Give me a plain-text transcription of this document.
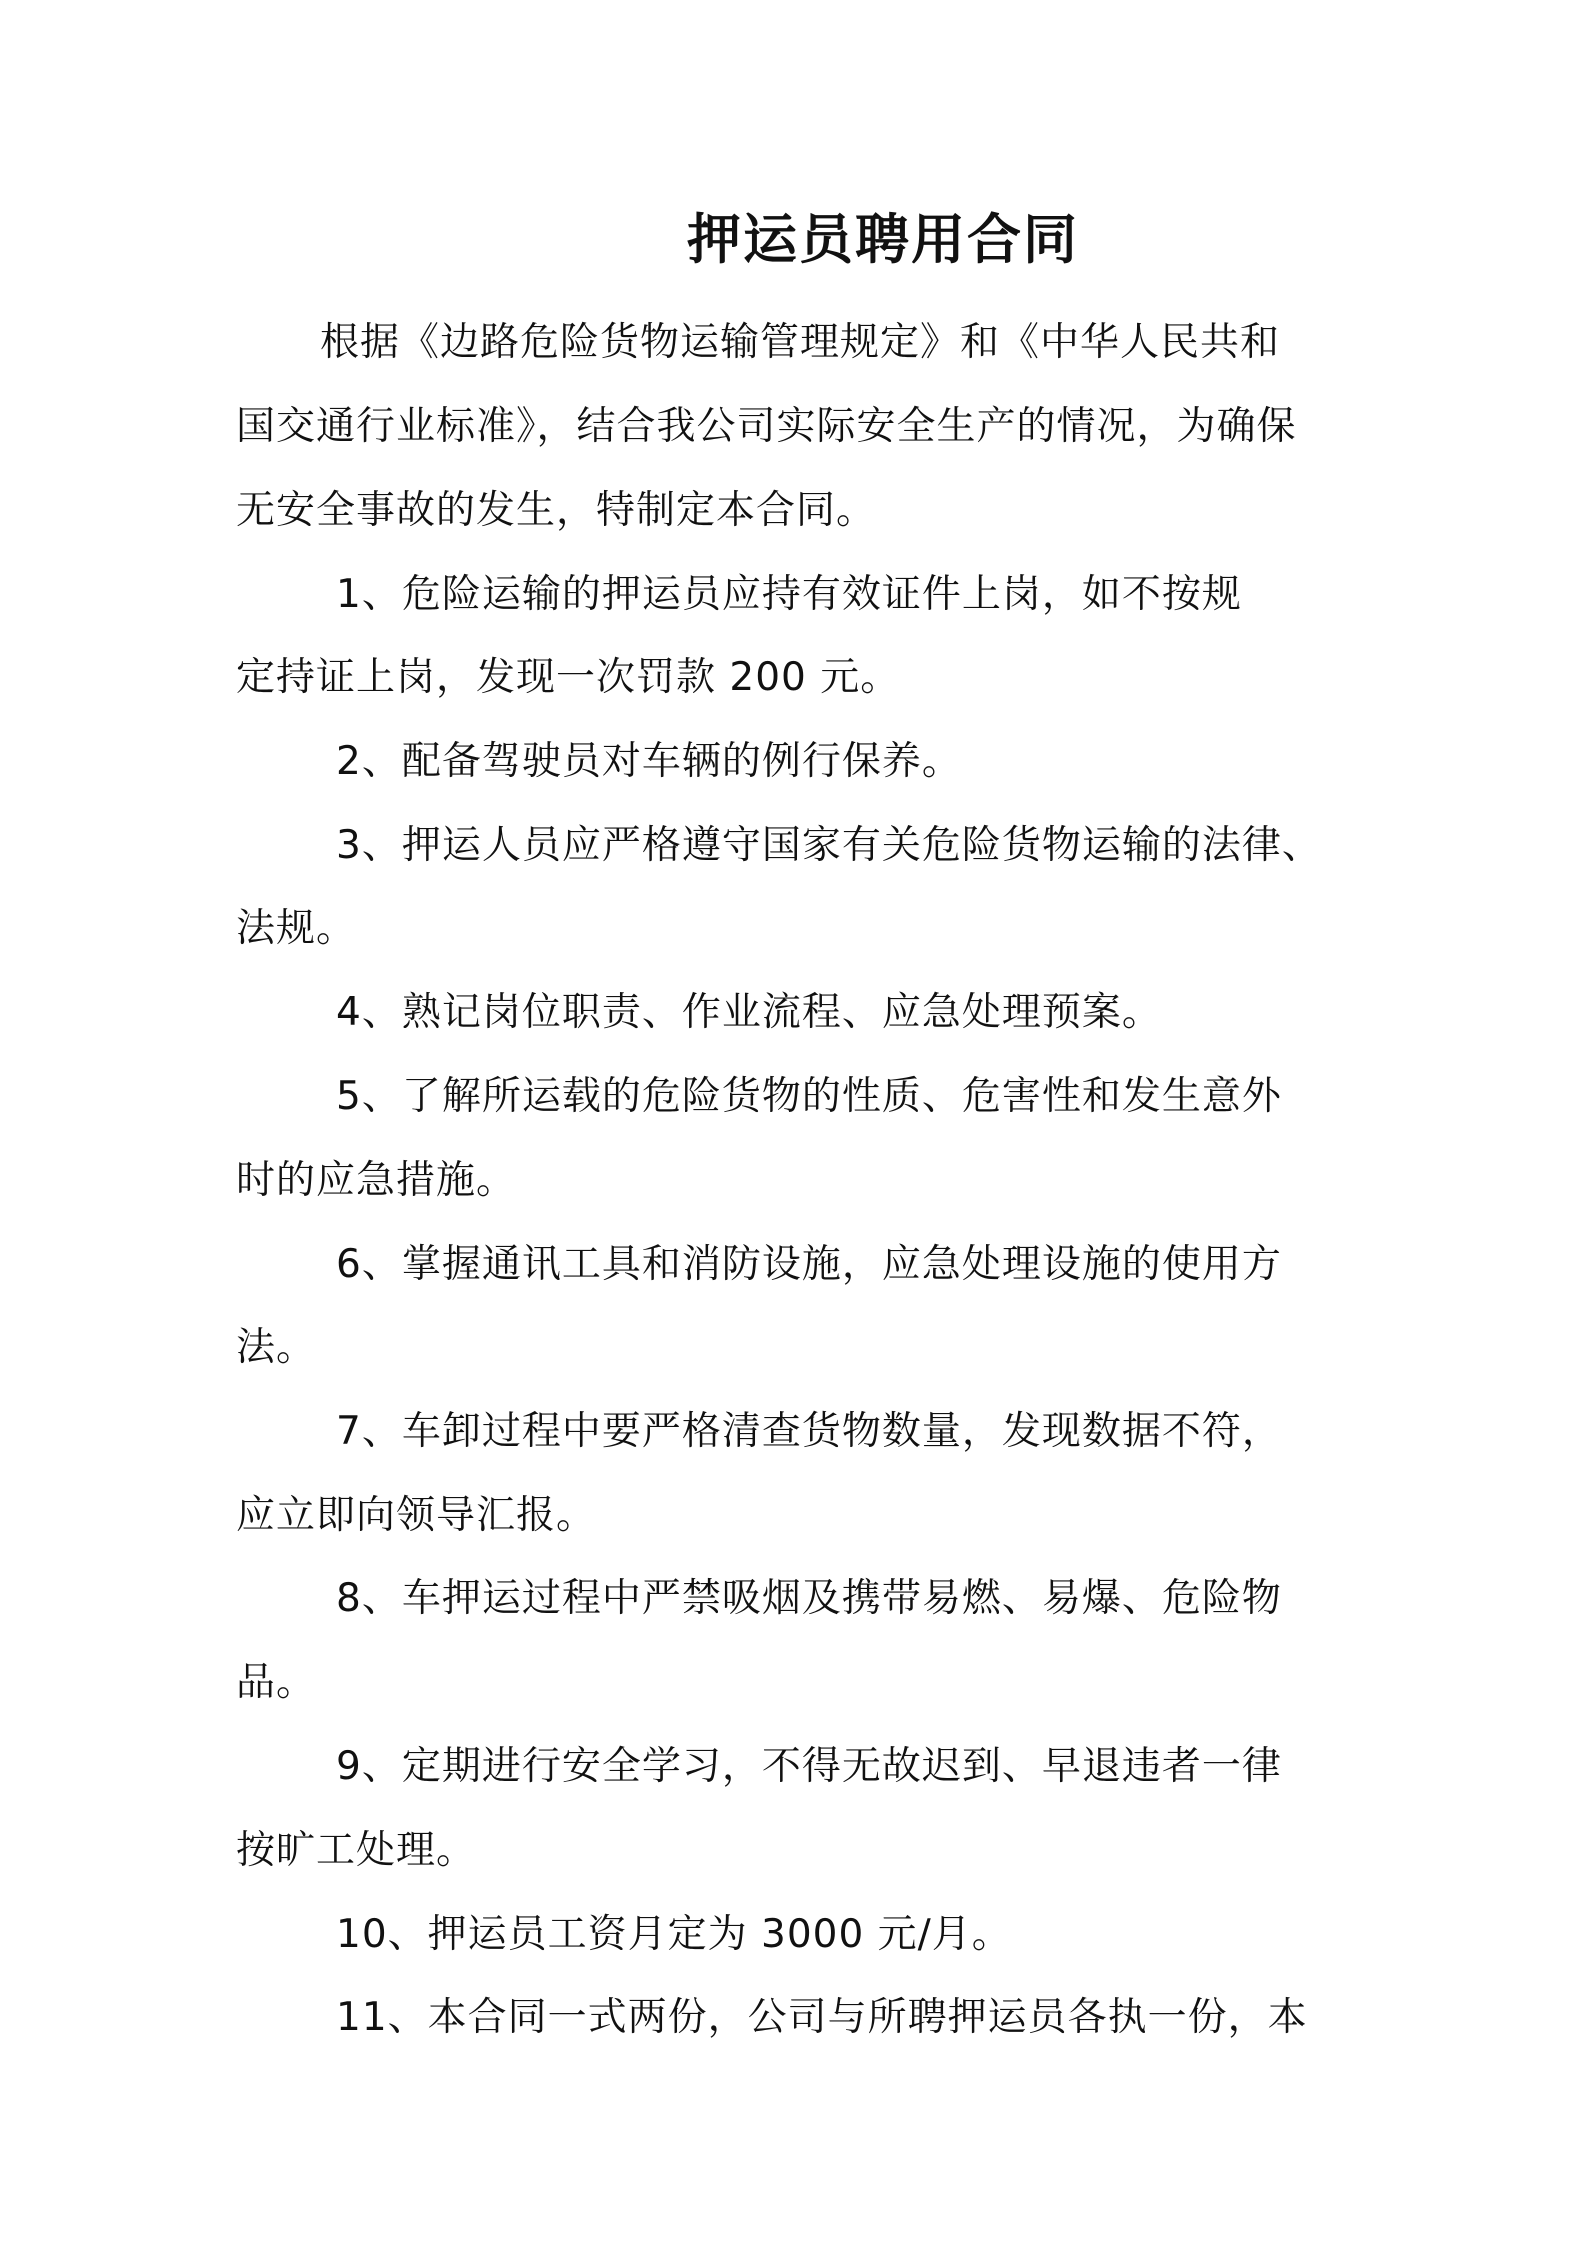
押运员聘用合同
根据《边路危险货物运输管理规定》和《中华人民共和
国交通行业标准》，结合我公司实际安全生产的情况，为确保
无安全事故的发生，特制定本合同。
1、危险运输的押运员应持有效证件上岗，如不按规
定持证上岗，发现一次罚款 200 元。
2、配备驾驶员对车辆的例行保养。
3、押运人员应严格遵守国家有关危险货物运输的法律、
法规。
4、熟记岗位职责、作业流程、应急处理预案。
5、了解所运载的危险货物的性质、危害性和发生意外
时的应急措施。
6、掌握通讯工具和消防设施，应急处理设施的使用方
法。
7、车卸过程中要严格清查货物数量，发现数据不符，
应立即向领导汇报。
8、车押运过程中严禁吸烟及携带易燃、易爆、危险物
品。
9、定期进行安全学习，不得无故迟到、早退违者一律
按旷工处理。
10、押运员工资月定为 3000 元/月。
11、本合同一式两份，公司与所聘押运员各执一份，本
